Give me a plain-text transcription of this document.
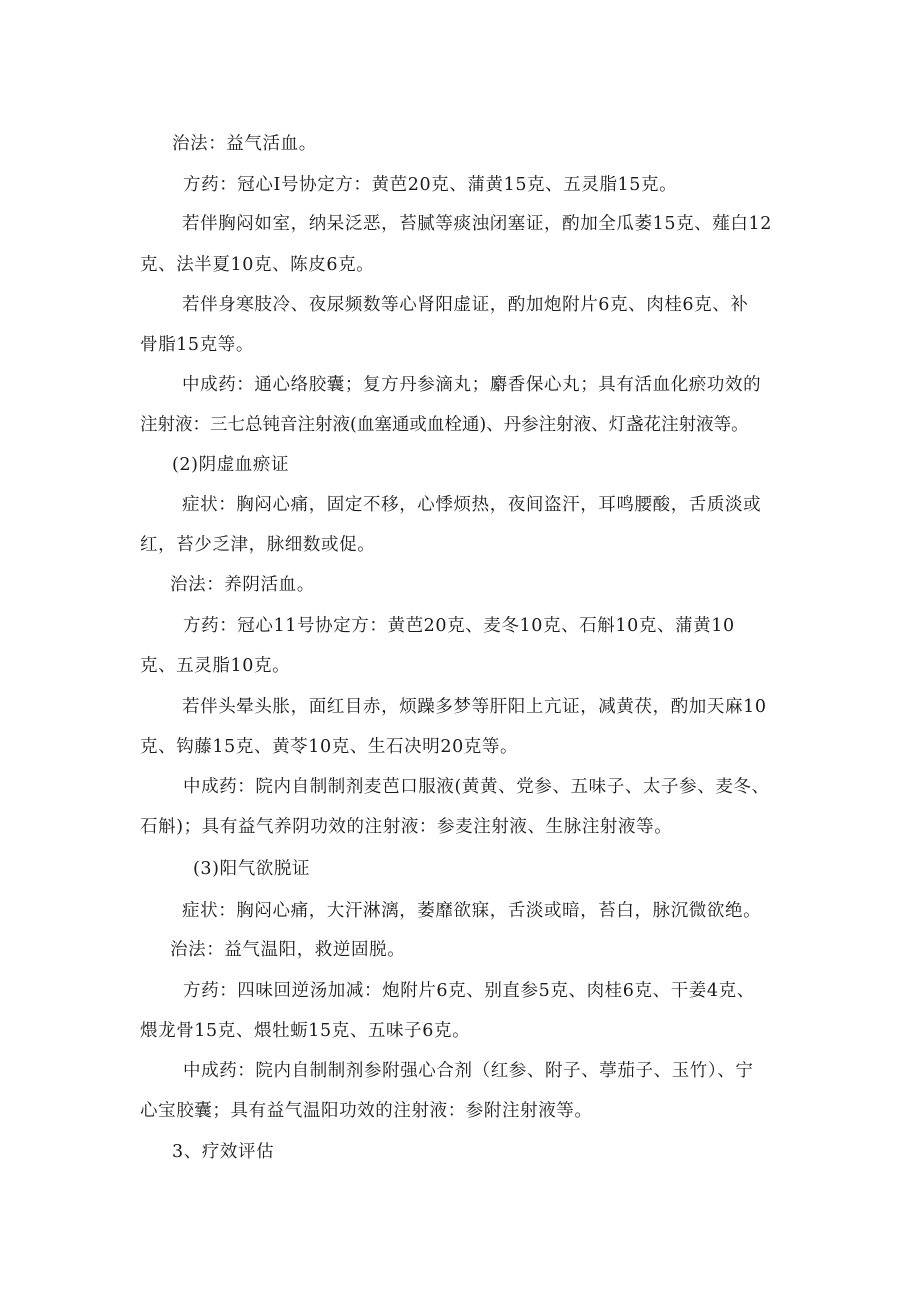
治法：益气活血。
方药：冠心Ⅰ号协定方：黄芭20克、蒲黄15克、五灵脂15克。
若伴胸闷如室，纳呆泛恶，苔腻等痰浊闭塞证，酌加全瓜萎15克、薤白12
克、法半夏10克、陈皮6克。
若伴身寒肢冷、夜尿频数等心肾阳虚证，酌加炮附片6克、肉桂6克、补
骨脂15克等。
中成药：通心络胶囊；复方丹参滴丸；麝香保心丸；具有活血化瘀功效的
注射液：三七总钝音注射液(血塞通或血栓通)、丹参注射液、灯盏花注射液等。
(2)阴虚血瘀证
症状：胸闷心痛，固定不移，心悸烦热，夜间盗汗，耳鸣腰酸，舌质淡或
红，苔少乏津，脉细数或促。
治法：养阴活血。
方药：冠心11号协定方：黄芭20克、麦冬10克、石斛10克、蒲黄10
克、五灵脂10克。
若伴头晕头胀，面红目赤，烦躁多梦等肝阳上亢证，减黄茯，酌加天麻10
克、钩藤15克、黄苓10克、生石决明20克等。
中成药：院内自制制剂麦芭口服液(黄黄、党参、五味子、太子参、麦冬、
石斛)；具有益气养阴功效的注射液：参麦注射液、生脉注射液等。
(3)阳气欲脱证
症状：胸闷心痛，大汗淋漓，萎靡欲寐，舌淡或暗，苔白，脉沉微欲绝。
治法：益气温阳，救逆固脱。
方药：四味回逆汤加减：炮附片6克、别直参5克、肉桂6克、干姜4克、
煨龙骨15克、煨牡蛎15克、五味子6克。
中成药：院内自制制剂参附强心合剂（红参、附子、葶茄子、玉竹）、宁
心宝胶囊；具有益气温阳功效的注射液：参附注射液等。
3、疗效评估
